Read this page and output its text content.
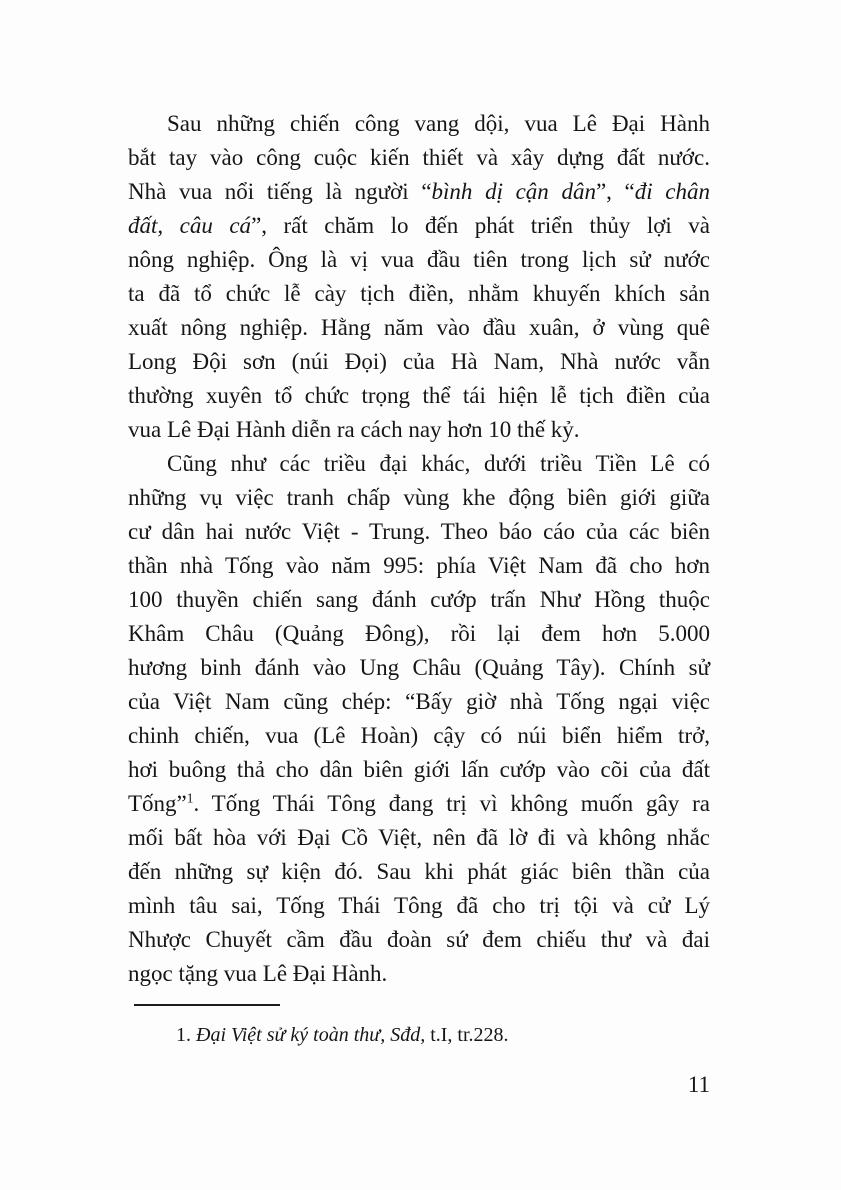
Sau những chiến công vang dội, vua Lê Đại Hành
bắt tay vào công cuộc kiến thiết và xây dựng đất nước.
Nhà vua nổi tiếng là người “bình dị cận dân”, “đi chân
đất, câu cá”, rất chăm lo đến phát triển thủy lợi và
nông nghiệp. Ông là vị vua đầu tiên trong lịch sử nước
ta đã tổ chức lễ cày tịch điền, nhằm khuyến khích sản
xuất nông nghiệp. Hằng năm vào đầu xuân, ở vùng quê
Long Đội sơn (núi Đọi) của Hà Nam, Nhà nước vẫn
thường xuyên tổ chức trọng thể tái hiện lễ tịch điền của
vua Lê Đại Hành diễn ra cách nay hơn 10 thế kỷ.
Cũng như các triều đại khác, dưới triều Tiền Lê có
những vụ việc tranh chấp vùng khe động biên giới giữa
cư dân hai nước Việt - Trung. Theo báo cáo của các biên
thần nhà Tống vào năm 995: phía Việt Nam đã cho hơn
100 thuyền chiến sang đánh cướp trấn Như Hồng thuộc
Khâm Châu (Quảng Đông), rồi lại đem hơn 5.000
hương binh đánh vào Ung Châu (Quảng Tây). Chính sử
của Việt Nam cũng chép: “Bấy giờ nhà Tống ngại việc
chinh chiến, vua (Lê Hoàn) cậy có núi biển hiểm trở,
hơi buông thả cho dân biên giới lấn cướp vào cõi của đất
Tống”$^1$. Tống Thái Tông đang trị vì không muốn gây ra
mối bất hòa với Đại Cồ Việt, nên đã lờ đi và không nhắc
đến những sự kiện đó. Sau khi phát giác biên thần của
mình tâu sai, Tống Thái Tông đã cho trị tội và cử Lý
Nhược Chuyết cầm đầu đoàn sứ đem chiếu thư và đai
ngọc tặng vua Lê Đại Hành.
1. Đại Việt sử ký toàn thư, Sđd, t.I, tr.228.
11
